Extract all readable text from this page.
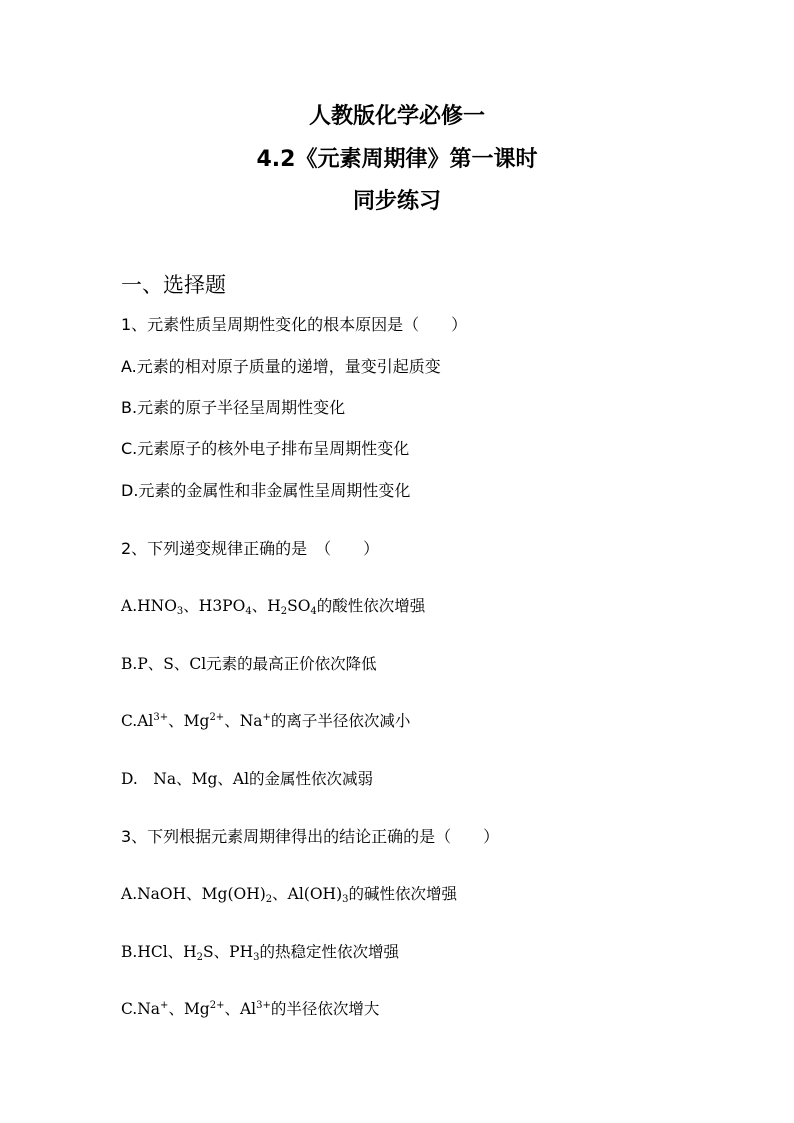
人教版化学必修一
4.2《元素周期律》第一课时
同步练习
一、选择题
1、元素性质呈周期性变化的根本原因是（　　）
A.元素的相对原子质量的递增，量变引起质变
B.元素的原子半径呈周期性变化
C.元素原子的核外电子排布呈周期性变化
D.元素的金属性和非金属性呈周期性变化
2、下列递变规律正确的是　（　　）
$A.HNO_3$、$H3PO_4$、$H_2SO_4$的酸性依次增强
B.P、S、Cl元素的最高正价依次降低
$C.Al^{3+}$、$Mg^{2+}$、Na+的离子半径依次减小
D.　Na、Mg、Al的金属性依次减弱
3、下列根据元素周期律得出的结论正确的是（　　）
A.NaOH、$Mg(OH)_2$、$Al(OH)_3$的碱性依次增强
B.HCl、$H_2S$、$PH_3$的热稳定性依次增强
C.Na+、$Mg^{2+}$、$Al^{3+}$的半径依次增大
